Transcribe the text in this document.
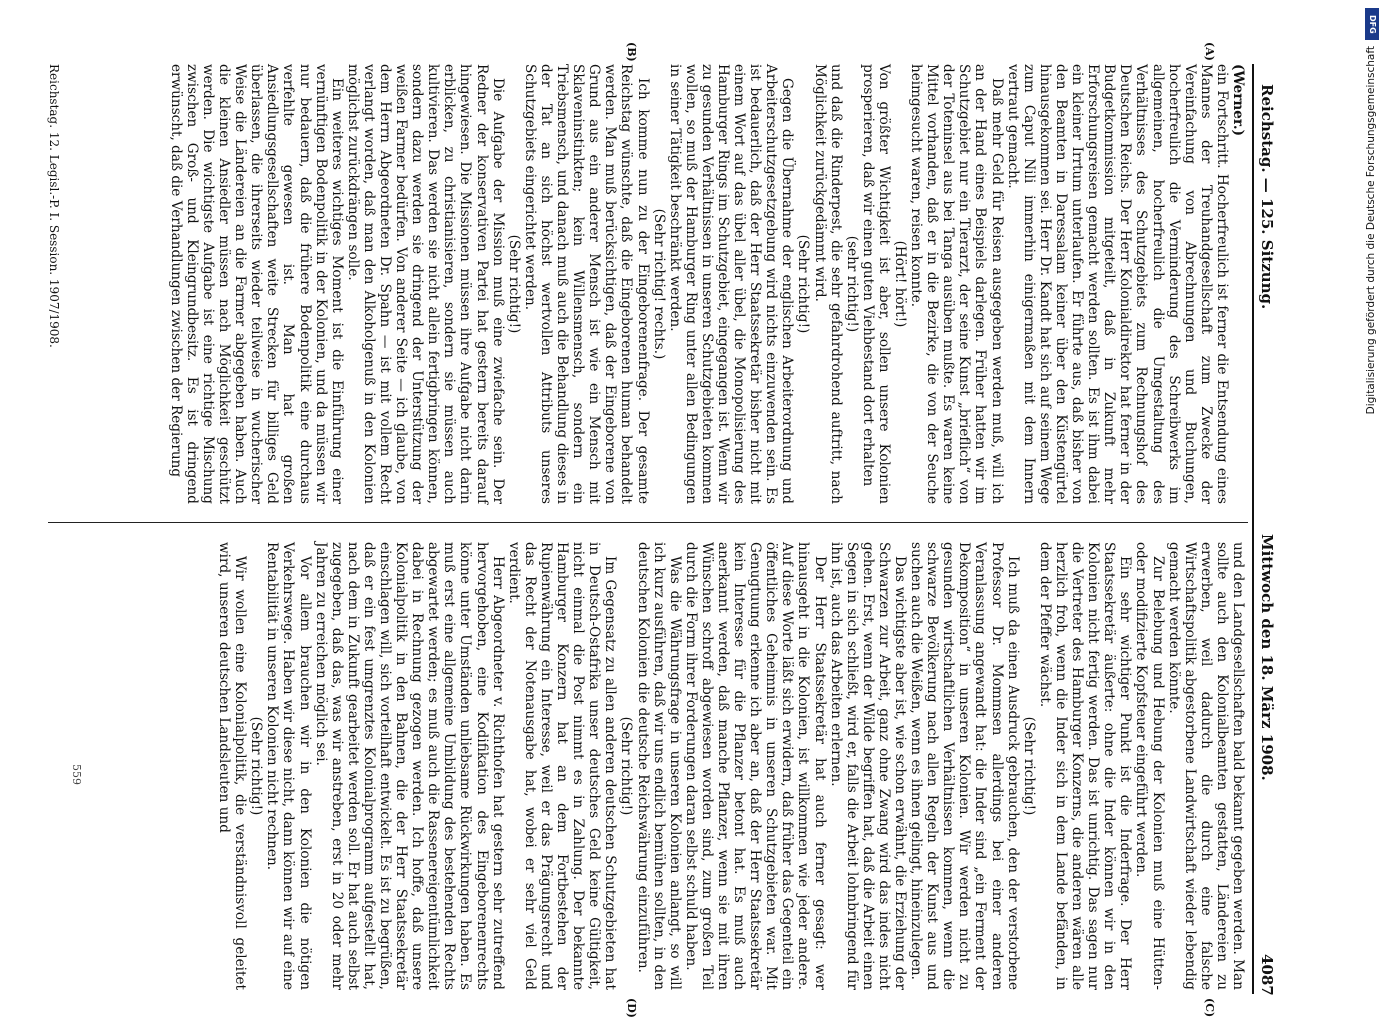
Reichstag. — 125. Sitzung.
Mittwoch den 18. März 1908.
4087
(A)
(B)
(C)
(D)

(Werner.)

ein Fortschritt. Hocherfreulich ist ferner die Entsendung eines Mannes der Treuhandgesellschaft zum Zwecke der Vereinfachung von Abrechnungen und Buchungen, hocherfreulich die Verminderung des Schreibwerks im allgemeinen, hocherfreulich die Umgestaltung des Verhältnisses des Schutzgebiets zum Rechnungshof des Deutschen Reichs. Der Herr Kolonialdirektor hat ferner in der Budgetkommission mitgeteilt, daß in Zukunft mehr Erforschungsreisen gemacht werden sollten. Es ist ihm dabei ein kleiner Irrtum unterlaufen. Er führte aus, daß bisher von den Beamten in Daressalam keiner über den Küstengürtel hinausgekommen sei. Herr Dr. Kandt hat sich auf seinem Wege zum Caput Nili immerhin einigermaßen mit dem Innern vertraut gemacht.

Daß mehr Geld für Reisen ausgegeben werden muß, will ich an der Hand eines Beispiels darlegen. Früher hatten wir im Schutzgebiet nur ein Tierarzt, der seine Kunst „brieflich“ von der Toteninsel aus bei Tanga ausüben mußte. Es waren keine Mittel vorhanden, daß er in die Bezirke, die von der Seuche heimgesucht waren, reisen konnte.

(Hört! hört!)

Von größter Wichtigkeit ist aber, sollen unsere Kolonien prosperieren, daß wir einen guten Viehbestand dort erhalten

(sehr richtig!)

und daß die Rinderpest, die sehr gefahrdrohend auftritt, nach Möglichkeit zurückgedämmt wird.

(Sehr richtig!)

Gegen die Übernahme der englischen Arbeiterordnung und Arbeiterschutzgesetzgebung wird nichts einzuwenden sein. Es ist bedauerlich, daß der Herr Staatssekretär bisher nicht mit einem Wort auf das übel aller übel, die Monopolisierung des Hamburger Rings im Schutzgebiet, eingegangen ist. Wenn wir zu gesunden Verhältnissen in unseren Schutzgebieten kommen wollen, so muß der Hamburger Ring unter allen Bedingungen in seiner Tätigkeit beschränkt werden.

(Sehr richtig! rechts.)

Ich komme nun zu der Eingeborenenfrage. Der gesamte Reichstag wünschte, daß die Eingeborenen human behandelt werden. Man muß berücksichtigen, daß der Eingeborene von Grund aus ein anderer Mensch ist wie ein Mensch mit Sklaveninstinkten; kein Willensmensch, sondern ein Triebsmensch, und danach muß auch die Behandlung dieses in der Tat an sich höchst wertvollen Attributs unseres Schutzgebiets eingerichtet werden.

(Sehr richtig!)

Die Aufgabe der Mission muß eine zwiefache sein. Der Redner der konservativen Partei hat gestern bereits darauf hingewiesen. Die Missionen müssen ihre Aufgabe nicht darin erblicken, zu christianisieren, sondern sie müssen auch kultivieren. Das werden sie nicht allein fertigbringen können, sondern dazu werden sie dringend der Unterstützung der weißen Farmer bedürfen. Von anderer Seite — ich glaube, von dem Herrn Abgeordneten Dr. Spahn — ist mit vollem Recht verlangt worden, daß man den Alkoholgenuß in den Kolonien möglichst zurückdrängen solle.

Ein weiteres wichtiges Moment ist die Einführung einer vernünftigen Bodenpolitik in der Kolonien, und da müssen wir nur bedauern, daß die frühere Bodenpolitik eine durchaus verfehlte gewesen ist. Man hat großen Ansiedlungsgesellschaften weite Strecken für billiges Geld überlassen, die ihrerseits wieder teilweise in wucherischer Weise die Ländereien an die Farmer abgegeben haben. Auch die kleinen Ansiedler müssen nach Möglichkeit geschützt werden. Die wichtigste Aufgabe ist eine richtige Mischung zwischen Groß- und Kleingrundbesitz. Es ist dringend erwünscht, daß die Verhandlungen zwischen der Regierung

Reichstag. 12. Legisl.-P. I. Session. 1907/1908.

und den Landgesellschaften bald bekannt gegeben werden. Man sollte auch den Kolonialbeamten gestatten, Ländereien zu erwerben, weil dadurch die durch eine falsche Wirtschaftspolitik abgestorbene Landwirtschaft wieder lebendig gemacht werden könnte.

Zur Belebung und Hebung der Kolonien muß eine Hütten- oder modifizierte Kopfsteuer eingeführt werden.

Ein sehr wichtiger Punkt ist die Inderfrage. Der Herr Staatssekretär äußerte: ohne die Inder können wir in den Kolonien nicht fertig werden. Das ist unrichtig. Das sagen nur die Vertreter des Hamburger Konzerns, die anderen wären alle herzlich froh, wenn die Inder sich in dem Lande befänden, in dem der Pfeffer wächst.

(Sehr richtig!)

Ich muß da einen Ausdruck gebrauchen, den der verstorbene Professor Dr. Mommsen allerdings bei einer anderen Veranlassung angewandt hat: die Inder sind „ein Ferment der Dekomposition“ in unseren Kolonien. Wir werden nicht zu gesunden wirtschaftlichen Verhältnissen kommen, wenn die schwarze Bevölkerung nach allen Regeln der Kunst aus und suchen auch die Weißen, wenn es ihnen gelingt, hineinzulegen.

Das wichtigste aber ist, wie schon erwähnt, die Erziehung der Schwarzen zur Arbeit, ganz ohne Zwang wird das indes nicht gehen. Erst, wenn der Wilde begriffen hat, daß die Arbeit einen Segen in sich schließt, wird er, falls die Arbeit lohnbringend für ihn ist, auch das Arbeiten erlernen.

Der Herr Staatssekretär hat auch ferner gesagt: wer hinausgeht in die Kolonien, ist willkommen wie jeder andere. Auf diese Worte läßt sich erwidern, daß früher das Gegenteil ein öffentliches Geheimnis in unseren Schutzgebieten war. Mit Genugtuung erkenne ich aber an, daß der Herr Staatssekretär kein Interesse für die Pflanzer betont hat. Es muß auch anerkannt werden, daß manche Pflanzer, wenn sie mit ihren Wünschen schroff abgewiesen worden sind, zum großen Teil durch die Form ihrer Forderungen daran selbst schuld haben.

Was die Währungsfrage in unseren Kolonien anlangt, so will ich kurz ausführen, daß wir uns endlich bemühen sollten, in den deutschen Kolonien die deutsche Reichswährung einzuführen.

(Sehr richtig!)

Im Gegensatz zu allen anderen deutschen Schutzgebieten hat in Deutsch-Ostafrika unser deutsches Geld keine Gültigkeit, nicht einmal die Post nimmt es in Zahlung. Der bekannte Hamburger Konzern hat an dem Fortbestehen der Rupienwährung ein Interesse, weil er das Prägungsrecht und das Recht der Notenausgabe hat, wobei er sehr viel Geld verdient.

Herr Abgeordneter v. Richthofen hat gestern sehr zutreffend hervorgehoben, eine Kodifikation des Eingeborenenrechts könne unter Umständen unliebsame Rückwirkungen haben. Es muß erst eine allgemeine Umbildung des bestehenden Rechts abgewartet werden; es muß auch die Rassenereigentümlichkeit dabei in Rechnung gezogen werden. Ich hoffe, daß unsere Kolonialpolitik in den Bahnen, die der Herr Staatssekretär einschlagen will, sich vorteilhaft entwickelt. Es ist zu begrüßen, daß er ein fest umgrenztes Kolonialprogramm aufgestellt hat, nach dem in Zukunft gearbeitet werden soll. Er hat auch selbst zugegeben, daß das, was wir anstreben, erst in 20 oder mehr Jahren zu erreichen möglich sei.

Vor allem brauchen wir in den Kolonien die nötigen Verkehrswege. Haben wir diese nicht, dann können wir auf eine Rentabilität in unseren Kolonien nicht rechnen.

(Sehr richtig!)

Wir wollen eine Kolonialpolitik, die verständnisvoll geleitet wird, unseren deutschen Landsleuten und

559
DFG
Digitalisierung gefördert durch die Deutsche Forschungsgemeinschaft
